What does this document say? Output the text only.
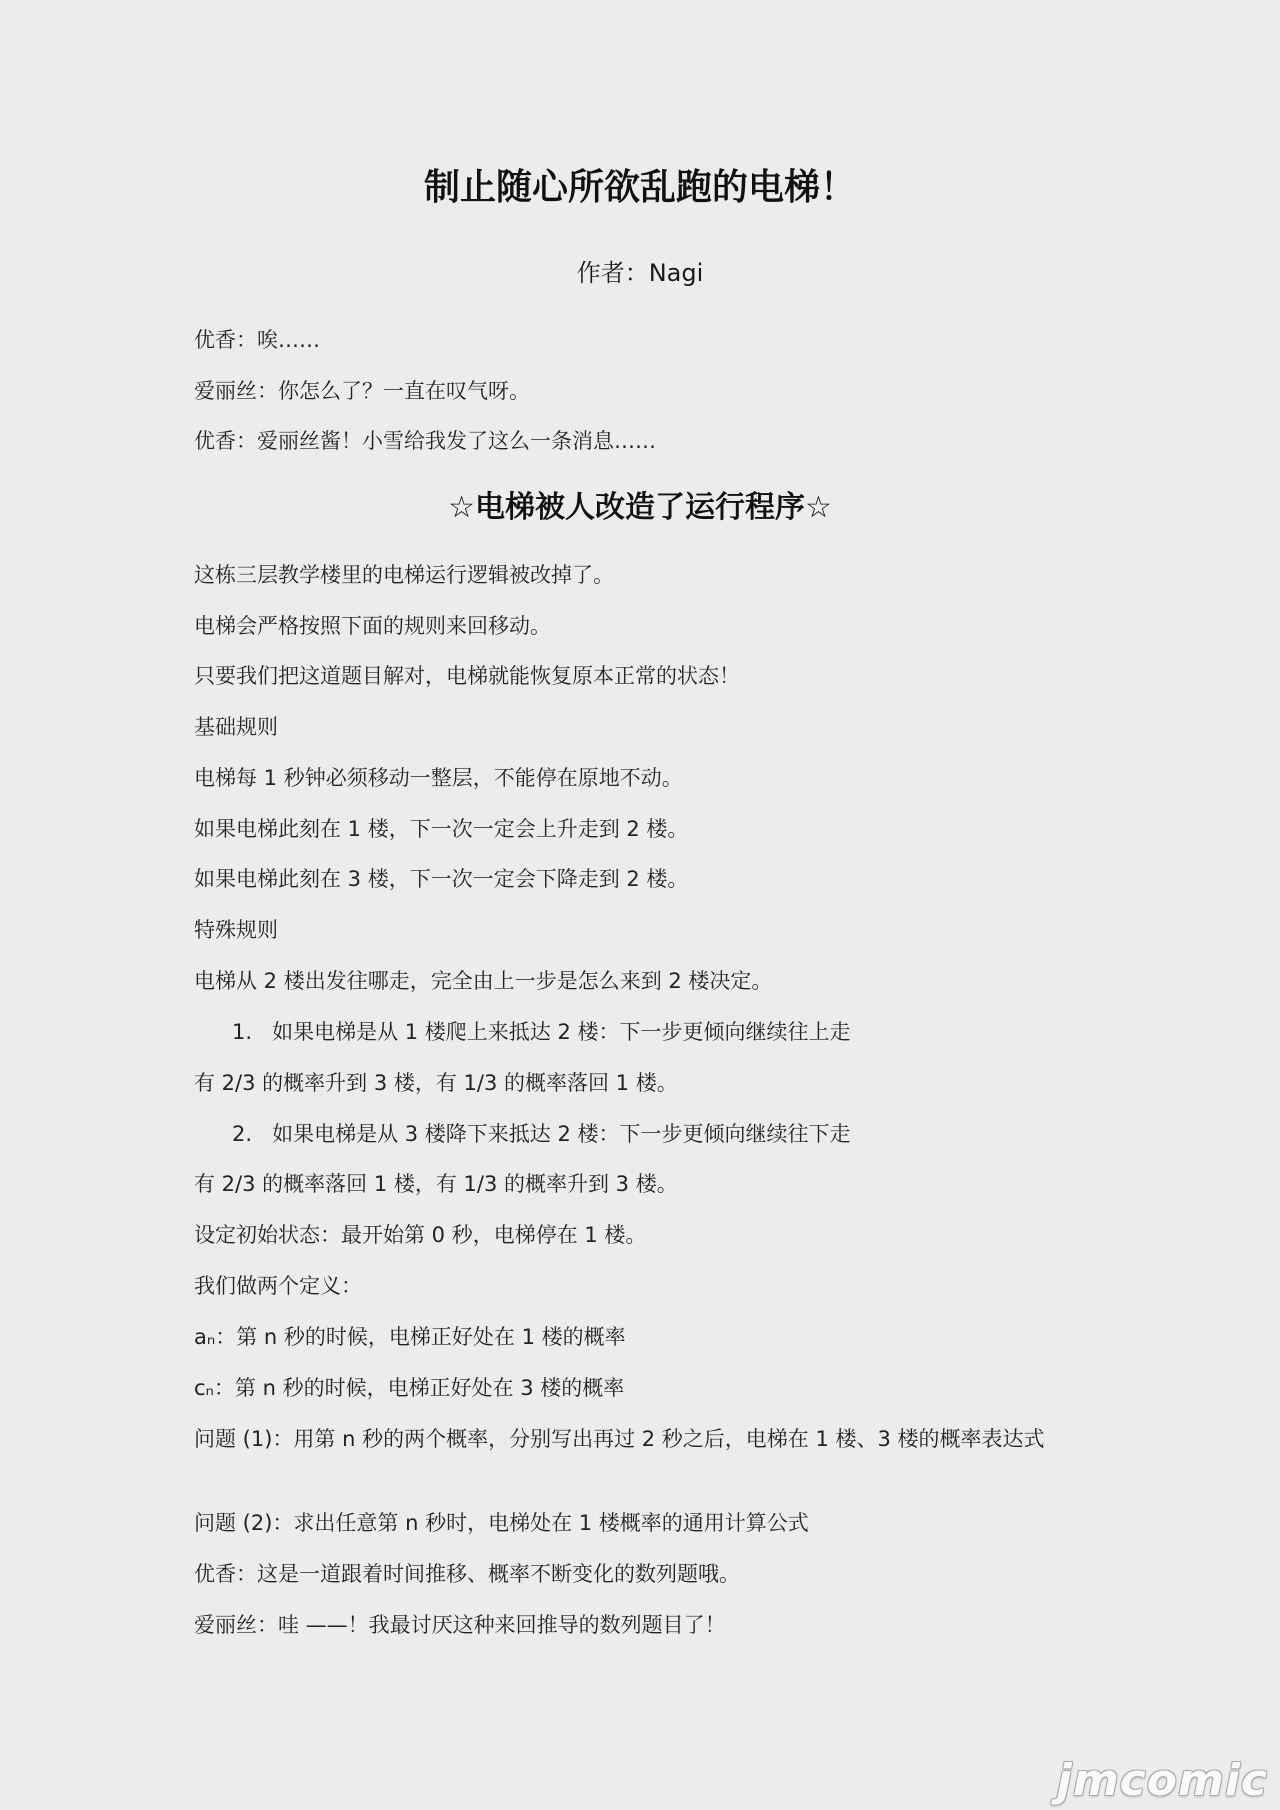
制止随心所欲乱跑的电梯！
作者：Nagi
优香：唉……
爱丽丝：你怎么了？一直在叹气呀。
优香：爱丽丝酱！小雪给我发了这么一条消息……
☆电梯被人改造了运行程序☆
这栋三层教学楼里的电梯运行逻辑被改掉了。
电梯会严格按照下面的规则来回移动。
只要我们把这道题目解对，电梯就能恢复原本正常的状态！
基础规则
电梯每 1 秒钟必须移动一整层，不能停在原地不动。
如果电梯此刻在 1 楼，下一次一定会上升走到 2 楼。
如果电梯此刻在 3 楼，下一次一定会下降走到 2 楼。
特殊规则
电梯从 2 楼出发往哪走，完全由上一步是怎么来到 2 楼决定。
1. 如果电梯是从 1 楼爬上来抵达 2 楼：下一步更倾向继续往上走
有 2/3 的概率升到 3 楼，有 1/3 的概率落回 1 楼。
2. 如果电梯是从 3 楼降下来抵达 2 楼：下一步更倾向继续往下走
有 2/3 的概率落回 1 楼，有 1/3 的概率升到 3 楼。
设定初始状态：最开始第 0 秒，电梯停在 1 楼。
我们做两个定义：
aₙ：第 n 秒的时候，电梯正好处在 1 楼的概率
cₙ：第 n 秒的时候，电梯正好处在 3 楼的概率
问题 (1)：用第 n 秒的两个概率，分别写出再过 2 秒之后，电梯在 1 楼、3 楼的概率表达式
问题 (2)：求出任意第 n 秒时，电梯处在 1 楼概率的通用计算公式
优香：这是一道跟着时间推移、概率不断变化的数列题哦。
爱丽丝：哇 ——！我最讨厌这种来回推导的数列题目了！
jmcomic
